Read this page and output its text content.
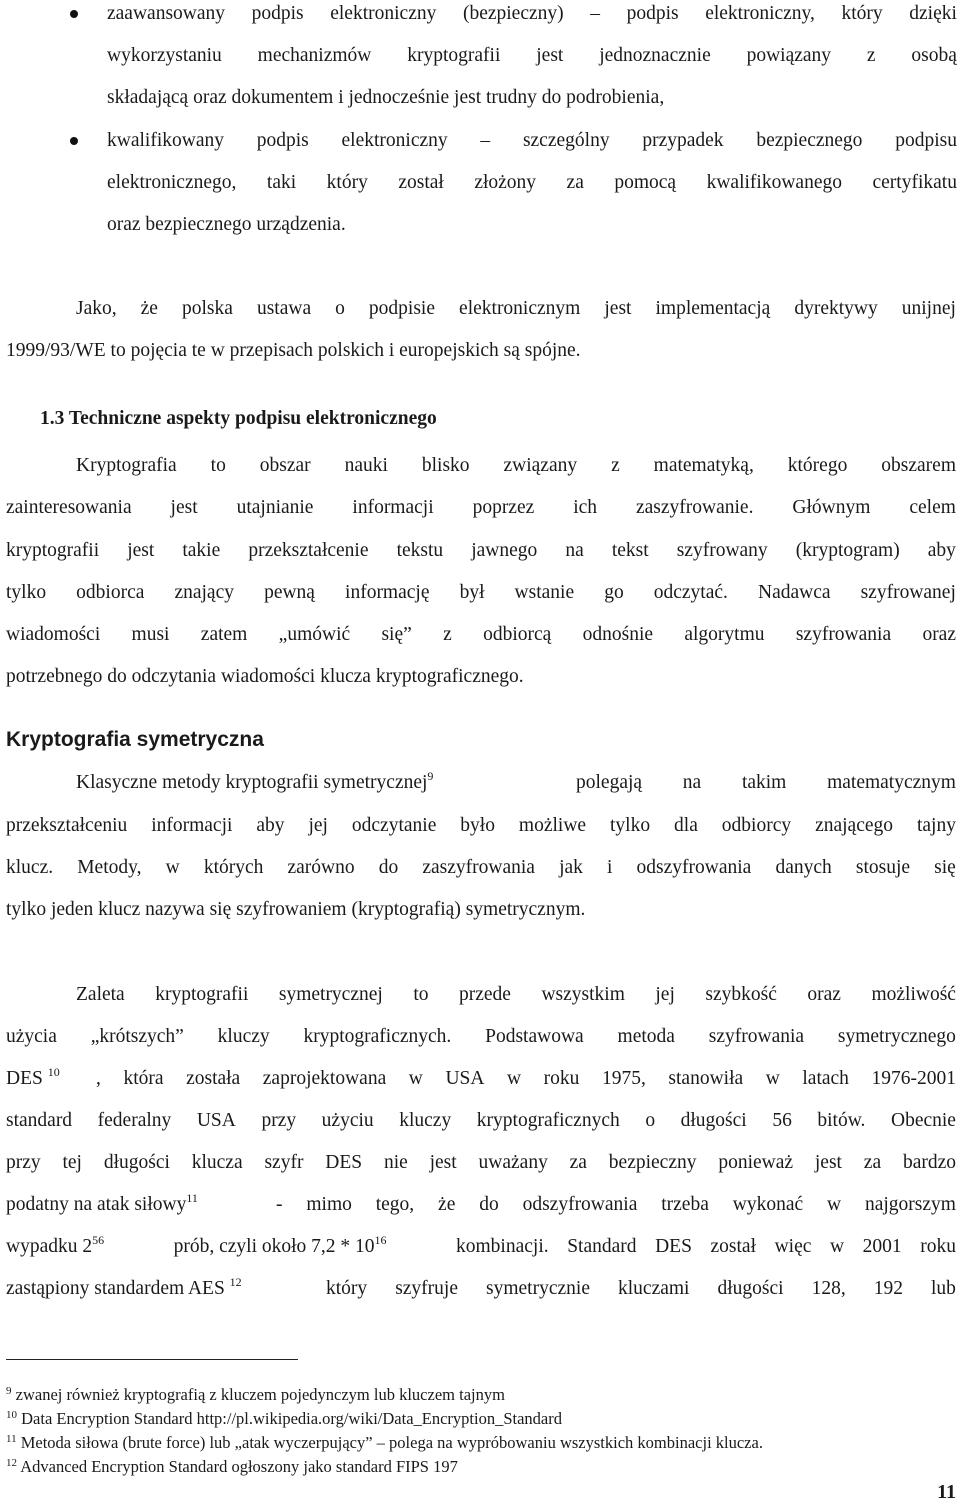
zaawansowany podpis elektroniczny (bezpieczny) – podpis elektroniczny, który dzięki
wykorzystaniu mechanizmów kryptografii jest jednoznacznie powiązany z osobą
składającą oraz dokumentem i jednocześnie jest trudny do podrobienia,
kwalifikowany podpis elektroniczny – szczególny przypadek bezpiecznego podpisu
elektronicznego, taki który został złożony za pomocą kwalifikowanego certyfikatu
oraz bezpiecznego urządzenia.
Jako, że polska ustawa o podpisie elektronicznym jest implementacją dyrektywy unijnej
1999/93/WE to pojęcia te w przepisach polskich i europejskich są spójne.
1.3 Techniczne aspekty podpisu elektronicznego
Kryptografia to obszar nauki blisko związany z matematyką, którego obszarem
zainteresowania jest utajnianie informacji poprzez ich zaszyfrowanie. Głównym celem
kryptografii jest takie przekształcenie tekstu jawnego na tekst szyfrowany (kryptogram) aby
tylko odbiorca znający pewną informację był wstanie go odczytać. Nadawca szyfrowanej
wiadomości musi zatem „umówić się” z odbiorcą odnośnie algorytmu szyfrowania oraz
potrzebnego do odczytania wiadomości klucza kryptograficznego.
Kryptografia symetryczna
Klasyczne metody kryptografii symetrycznej$^9$	polegają na takim matematycznym
przekształceniu informacji aby jej odczytanie było możliwe tylko dla odbiorcy znającego tajny
klucz. Metody, w których zarówno do zaszyfrowania jak i odszyfrowania danych stosuje się
tylko jeden klucz nazywa się szyfrowaniem (kryptografią) symetrycznym.
Zaleta kryptografii symetrycznej to przede wszystkim jej szybkość oraz możliwość
użycia „krótszych” kluczy kryptograficznych. Podstawowa metoda szyfrowania symetrycznego
DES $^{10}$ , która została zaprojektowana w USA w roku 1975, stanowiła w latach 1976-2001
standard federalny USA przy użyciu kluczy kryptograficznych o długości 56 bitów. Obecnie
przy tej długości klucza szyfr DES nie jest uważany za bezpieczny ponieważ jest za bardzo
podatny na atak siłowy$^{11}$	- mimo tego, że do odszyfrowania trzeba wykonać w najgorszym
wypadku $2^{56}$	prób, czyli około $7,2 * 10^{16}$	kombinacji. Standard DES został więc w 2001 roku
zastąpiony standardem AES $^{12}$	który szyfruje symetrycznie kluczami długości 128, 192 lub
$^9$ zwanej również kryptografią z kluczem pojedynczym lub kluczem tajnym
$^{10}$ Data Encryption Standard http://pl.wikipedia.org/wiki/Data_Encryption_Standard
$^{11}$ Metoda siłowa (brute force) lub „atak wyczerpujący” – polega na wypróbowaniu wszystkich kombinacji klucza.
$^{12}$ Advanced Encryption Standard ogłoszony jako standard FIPS 197
11
